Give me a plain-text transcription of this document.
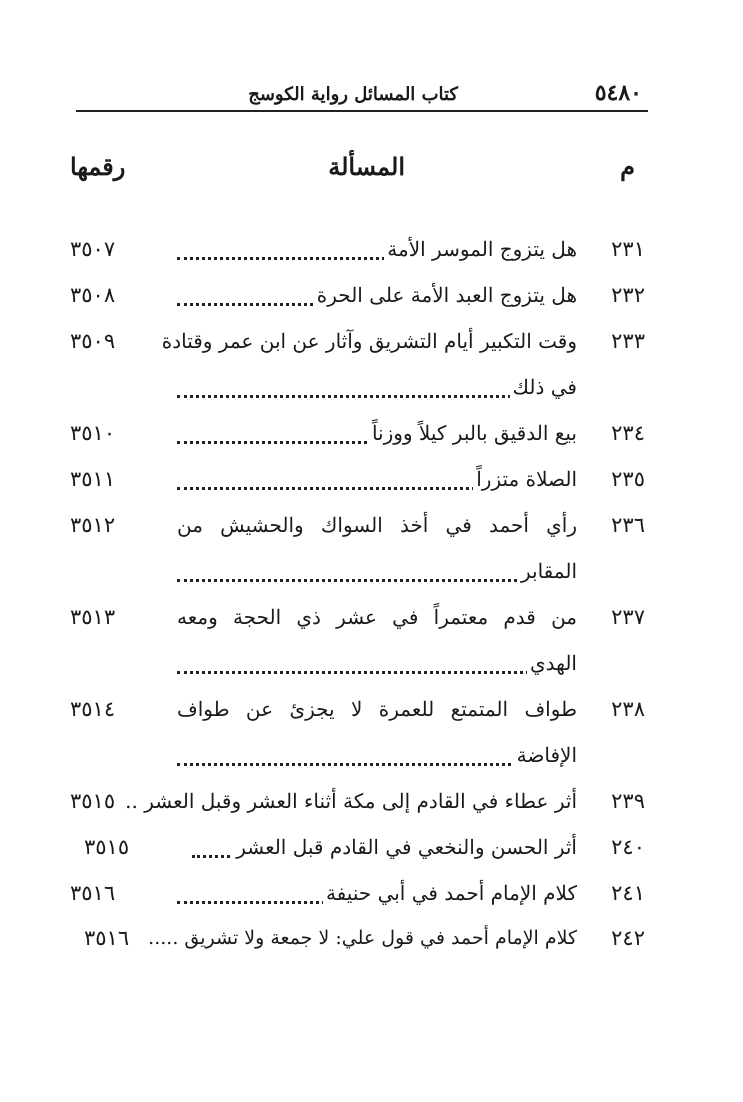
٥٤٨٠
كتاب المسائل رواية الكوسج
م
المسألة
رقمها
٢٣١
هل يتزوج الموسر الأمة
٣٥٠٧
٢٣٢
هل يتزوج العبد الأمة على الحرة
٣٥٠٨
٢٣٣
وقت التكبير أيام التشريق وآثار عن ابن عمر وقتادة
في ذلك
٣٥٠٩
٢٣٤
بيع الدقيق بالبر كيلاً ووزناً
٣٥١٠
٢٣٥
الصلاة متزراً
٣٥١١
٢٣٦
رأي أحمد في أخذ السواك والحشيش من
المقابر
٣٥١٢
٢٣٧
من قدم معتمراً في عشر ذي الحجة ومعه
الهدي
٣٥١٣
٢٣٨
طواف المتمتع للعمرة لا يجزئ عن طواف
الإفاضة
٣٥١٤
٢٣٩
أثر عطاء في القادم إلى مكة أثناء العشر وقبل العشر ..
٣٥١٥
٢٤٠
أثر الحسن والنخعي في القادم قبل العشر
٣٥١٥
٢٤١
كلام الإمام أحمد في أبي حنيفة
٣٥١٦
٢٤٢
كلام الإمام أحمد في قول علي: لا جمعة ولا تشريق .....
٣٥١٦
